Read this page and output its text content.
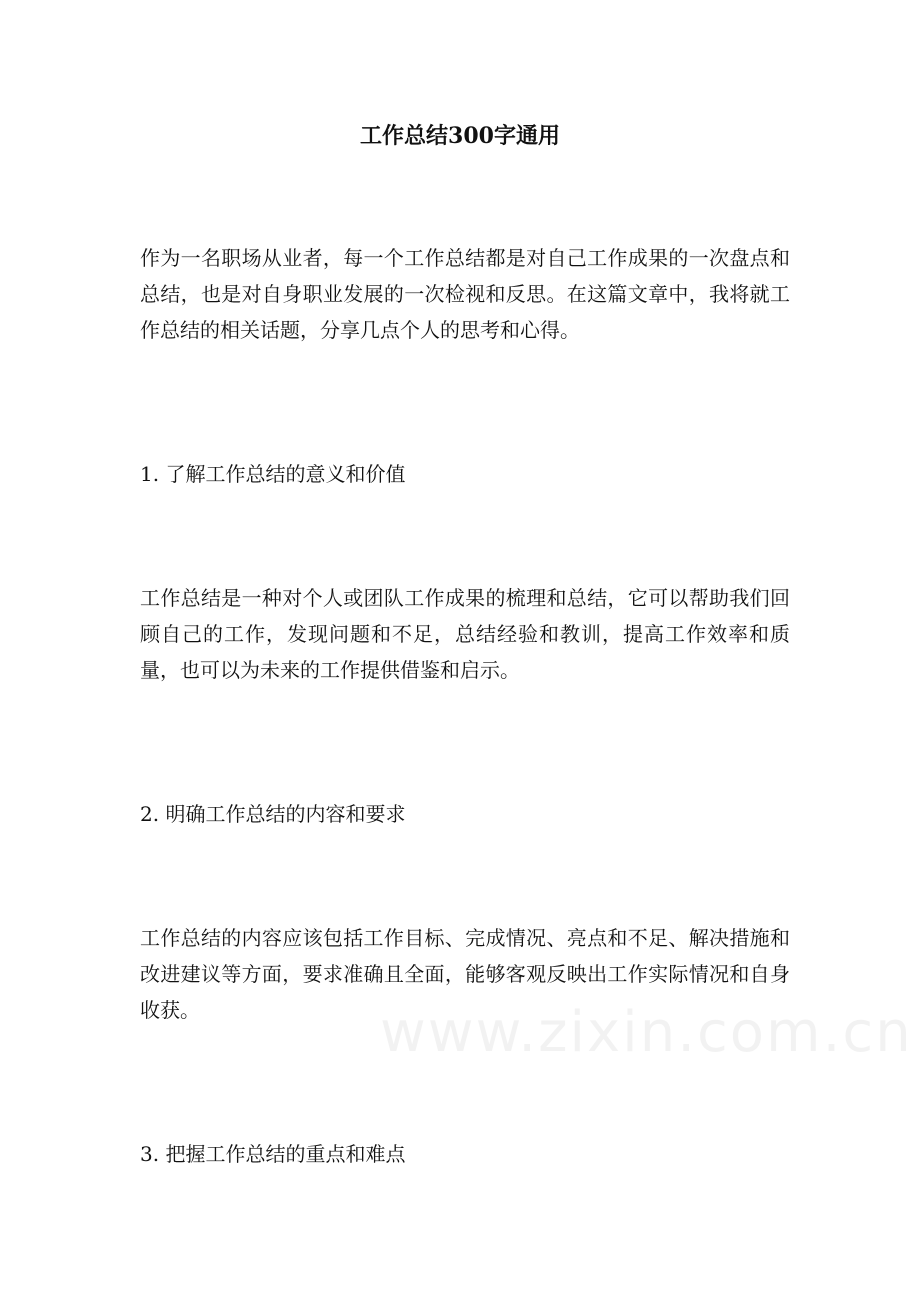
工作总结300字通用

作为一名职场从业者，每一个工作总结都是对自己工作成果的一次盘点和总结，也是对自身职业发展的一次检视和反思。在这篇文章中，我将就工作总结的相关话题，分享几点个人的思考和心得。

1. 了解工作总结的意义和价值

工作总结是一种对个人或团队工作成果的梳理和总结，它可以帮助我们回顾自己的工作，发现问题和不足，总结经验和教训，提高工作效率和质量，也可以为未来的工作提供借鉴和启示。

2. 明确工作总结的内容和要求

工作总结的内容应该包括工作目标、完成情况、亮点和不足、解决措施和改进建议等方面，要求准确且全面，能够客观反映出工作实际情况和自身收获。

3. 把握工作总结的重点和难点

www.zixin.com.cn
